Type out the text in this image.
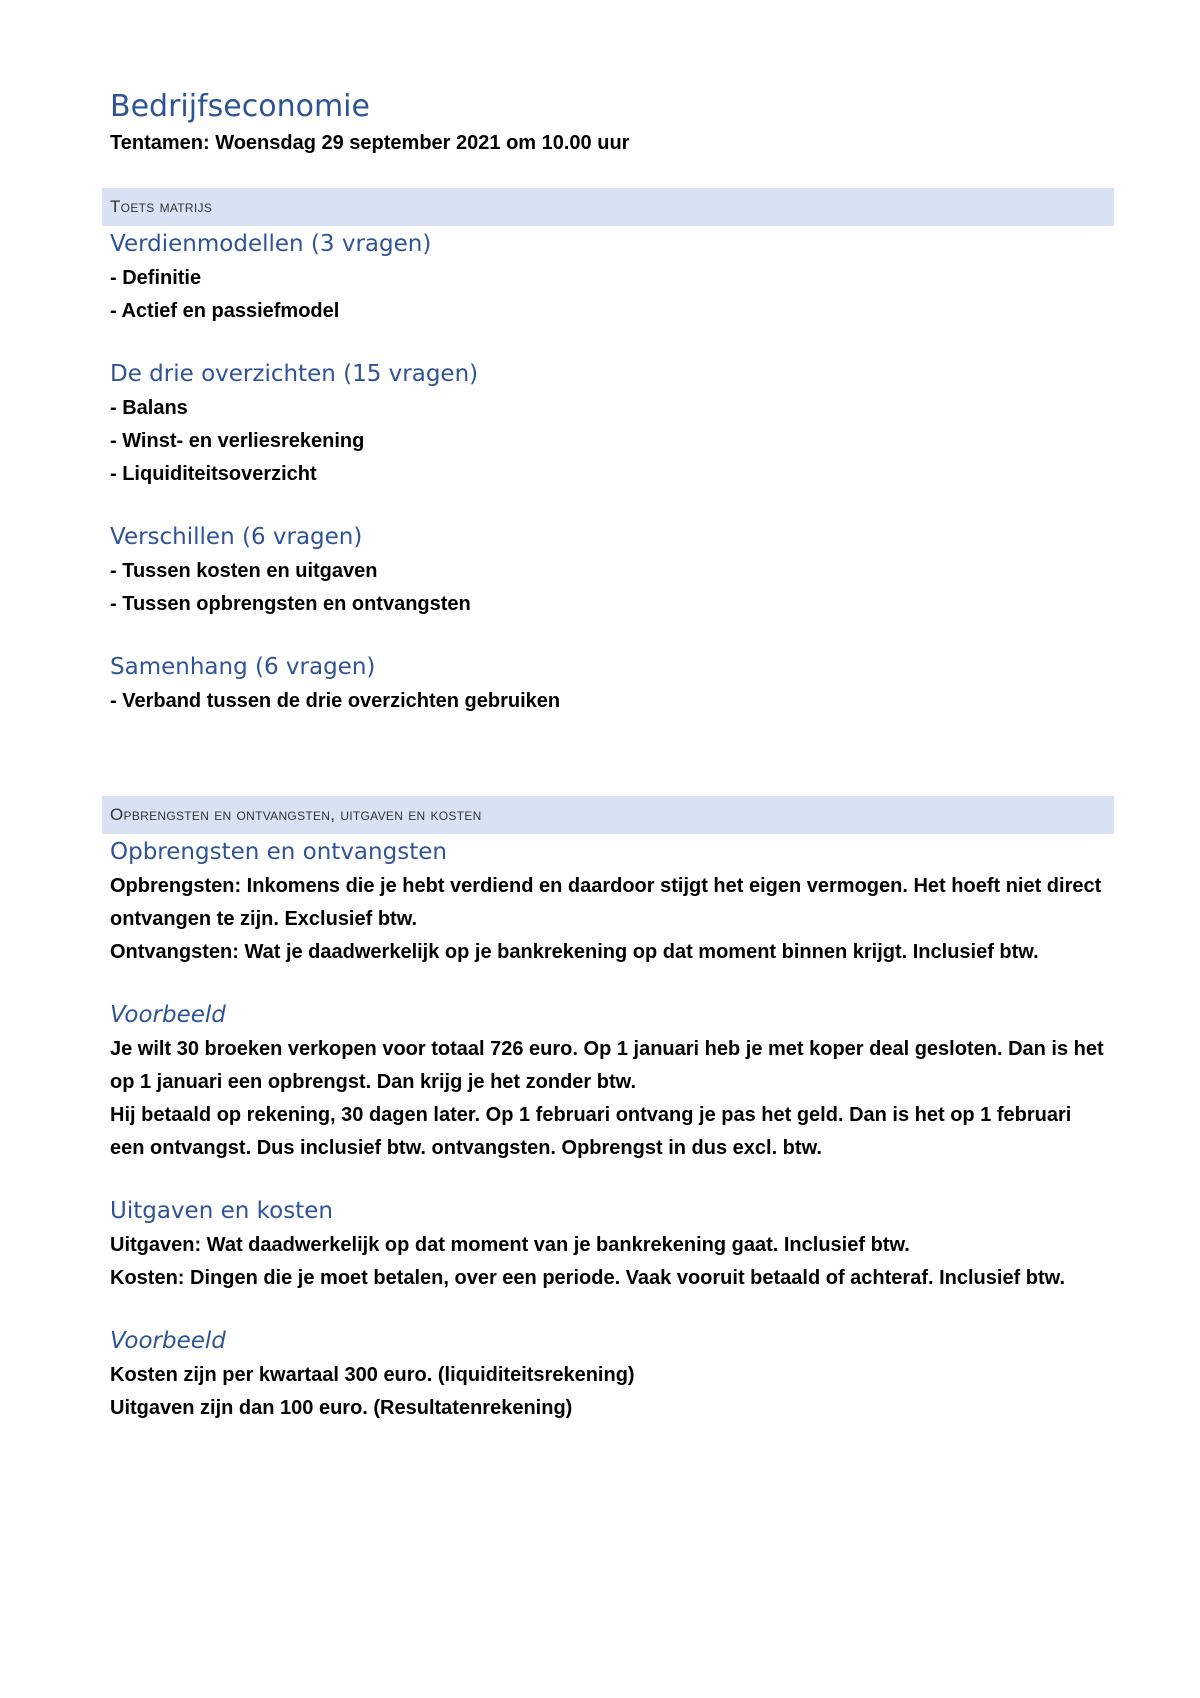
Bedrijfseconomie

Tentamen: Woensdag 29 september 2021 om 10.00 uur

Toets matrijs
Verdienmodellen (3 vragen)

- Definitie

- Actief en passiefmodel

De drie overzichten (15 vragen)

- Balans

- Winst- en verliesrekening

- Liquiditeitsoverzicht

Verschillen (6 vragen)

- Tussen kosten en uitgaven

- Tussen opbrengsten en ontvangsten

Samenhang (6 vragen)

- Verband tussen de drie overzichten gebruiken

Opbrengsten en ontvangsten, uitgaven en kosten
Opbrengsten en ontvangsten

Opbrengsten: Inkomens die je hebt verdiend en daardoor stijgt het eigen vermogen. Het hoeft niet direct ontvangen te zijn. Exclusief btw.

Ontvangsten: Wat je daadwerkelijk op je bankrekening op dat moment binnen krijgt. Inclusief btw.

Voorbeeld

Je wilt 30 broeken verkopen voor totaal 726 euro. Op 1 januari heb je met koper deal gesloten. Dan is het op 1 januari een opbrengst. Dan krijg je het zonder btw.

Hij betaald op rekening, 30 dagen later. Op 1 februari ontvang je pas het geld. Dan is het op 1 februari een ontvangst. Dus inclusief btw. ontvangsten. Opbrengst in dus excl. btw.

Uitgaven en kosten

Uitgaven: Wat daadwerkelijk op dat moment van je bankrekening gaat. Inclusief btw.

Kosten: Dingen die je moet betalen, over een periode. Vaak vooruit betaald of achteraf. Inclusief btw.

Voorbeeld

Kosten zijn per kwartaal 300 euro. (liquiditeitsrekening)

Uitgaven zijn dan 100 euro. (Resultatenrekening)
